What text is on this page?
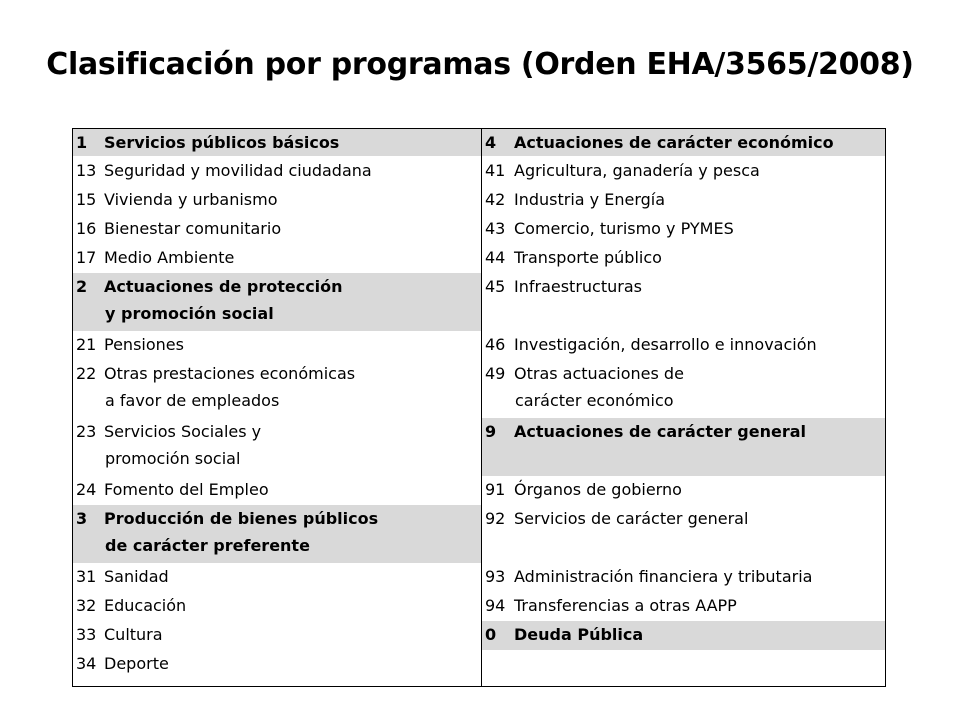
Clasificación por programas (Orden EHA/3565/2008)
1 Servicios públicos básicos
13 Seguridad y movilidad ciudadana
15 Vivienda y urbanismo
16 Bienestar comunitario
17 Medio Ambiente
2 Actuaciones de protección
y promoción social
21 Pensiones
22 Otras prestaciones económicas
a favor de empleados
23 Servicios Sociales y
promoción social
24 Fomento del Empleo
3 Producción de bienes públicos
de carácter preferente
31 Sanidad
32 Educación
33 Cultura
34 Deporte
4 Actuaciones de carácter económico
41 Agricultura, ganadería y pesca
42 Industria y Energía
43 Comercio, turismo y PYMES
44 Transporte público
45 Infraestructuras
46 Investigación, desarrollo e innovación
49 Otras actuaciones de
carácter económico
9 Actuaciones de carácter general
91 Órganos de gobierno
92 Servicios de carácter general
93 Administración financiera y tributaria
94 Transferencias a otras AAPP
0 Deuda Pública
